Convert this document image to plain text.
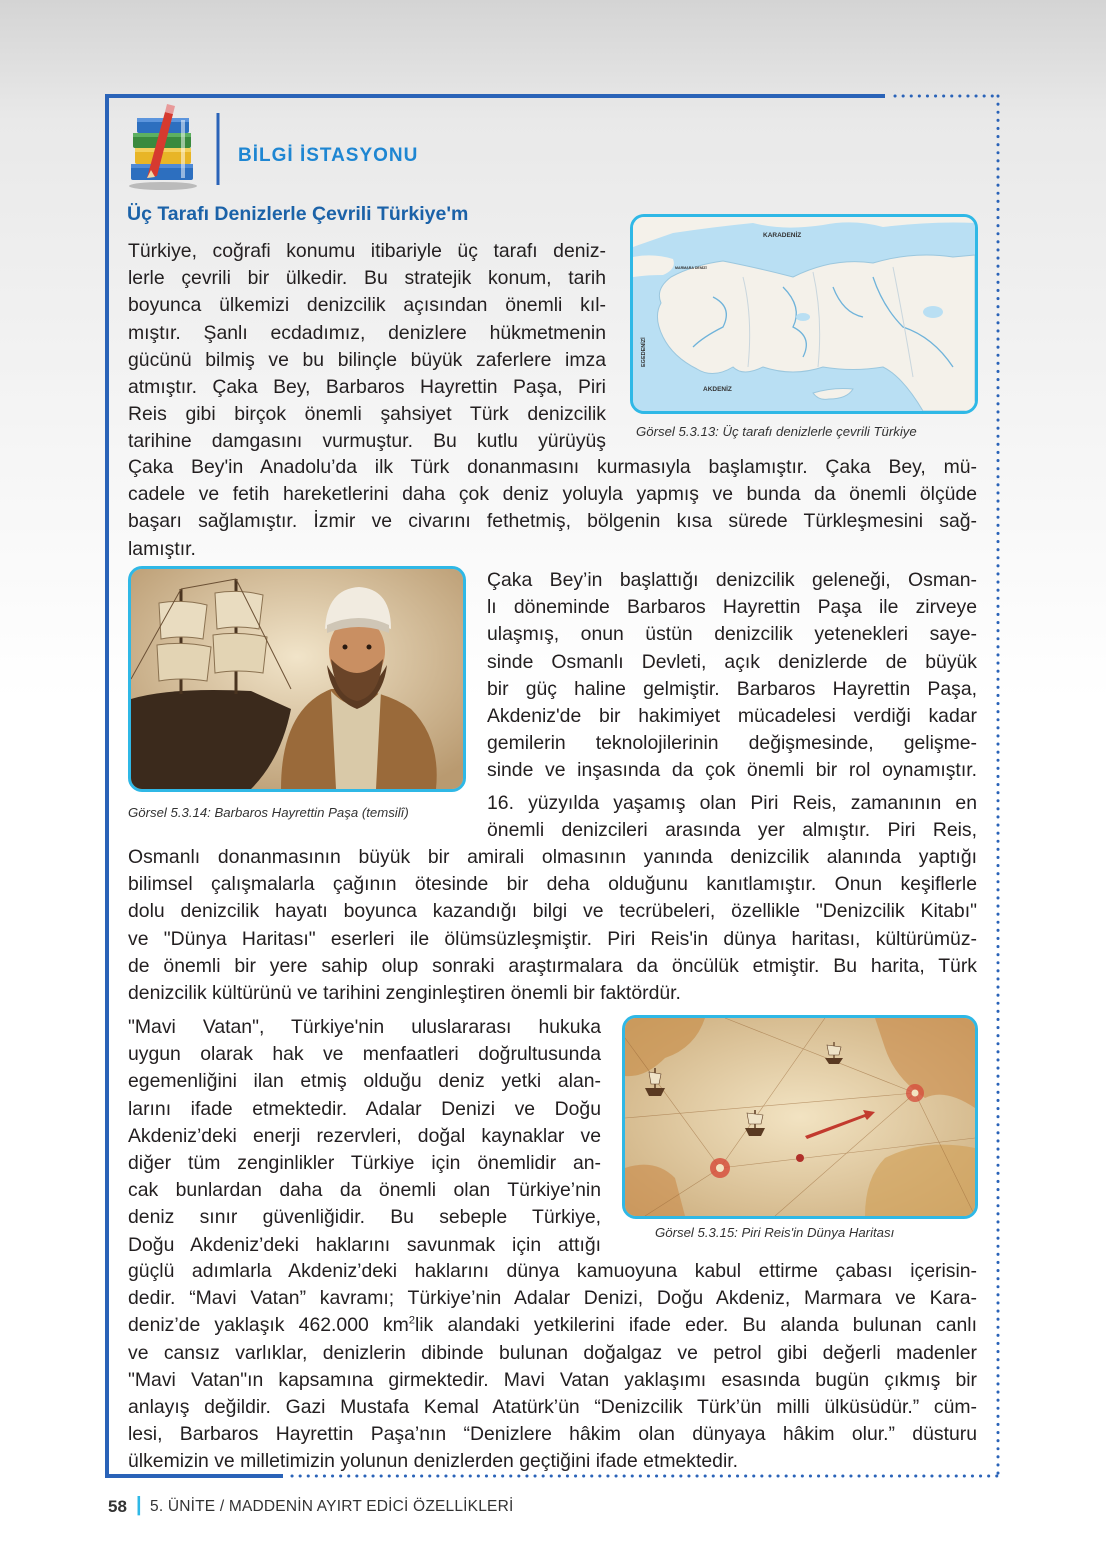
BİLGİ İSTASYONU

Üç Tarafı Denizlerle Çevrili Türkiye'm

Türkiye, coğrafi konumu itibariyle üç tarafı deniz-
lerle çevrili bir ülkedir. Bu stratejik konum, tarih
boyunca ülkemizi denizcilik açısından önemli kıl-
mıştır. Şanlı ecdadımız, denizlere hükmetmenin
gücünü bilmiş ve bu bilinçle büyük zaferlere imza
atmıştır. Çaka Bey, Barbaros Hayrettin Paşa, Piri
Reis gibi birçok önemli şahsiyet Türk denizcilik
tarihine damgasını vurmuştur. Bu kutlu yürüyüş
Çaka Bey'in Anadolu’da ilk Türk donanmasını kurmasıyla başlamıştır. Çaka Bey, mü-
cadele ve fetih hareketlerini daha çok deniz yoluyla yapmış ve bunda da önemli ölçüde
başarı sağlamıştır. İzmir ve civarını fethetmiş, bölgenin kısa sürede Türkleşmesini sağ-
lamıştır.
KARADENİZ
MARMARA DENİZİ
AKDENİZ
EGEDENİZİ

Görsel 5.3.13: Üç tarafı denizlerle çevrili Türkiye

Görsel 5.3.14: Barbaros Hayrettin Paşa (temsilî)

Çaka Bey’in başlattığı denizcilik geleneği, Osman-
lı döneminde Barbaros Hayrettin Paşa ile zirveye
ulaşmış, onun üstün denizcilik yetenekleri saye-
sinde Osmanlı Devleti, açık denizlerde de büyük
bir güç haline gelmiştir. Barbaros Hayrettin Paşa,
Akdeniz'de bir hakimiyet mücadelesi verdiği kadar
gemilerin teknolojilerinin değişmesinde, gelişme-
sinde ve inşasında da çok önemli bir rol oynamıştır.
16. yüzyılda yaşamış olan Piri Reis, zamanının en
önemli denizcileri arasında yer almıştır. Piri Reis,
Osmanlı donanmasının büyük bir amirali olmasının yanında denizcilik alanında yaptığı
bilimsel çalışmalarla çağının ötesinde bir deha olduğunu kanıtlamıştır. Onun keşiflerle
dolu denizcilik hayatı boyunca kazandığı bilgi ve tecrübeleri, özellikle "Denizcilik Kitabı"
ve "Dünya Haritası" eserleri ile ölümsüzleşmiştir. Piri Reis'in dünya haritası, kültürümüz-
de önemli bir yere sahip olup sonraki araştırmalara da öncülük etmiştir. Bu harita, Türk
denizcilik kültürünü ve tarihini zenginleştiren önemli bir faktördür.

Görsel 5.3.15: Piri Reis'in Dünya Haritası

"Mavi Vatan", Türkiye'nin uluslararası hukuka
uygun olarak hak ve menfaatleri doğrultusunda
egemenliğini ilan etmiş olduğu deniz yetki alan-
larını ifade etmektedir. Adalar Denizi ve Doğu
Akdeniz’deki enerji rezervleri, doğal kaynaklar ve
diğer tüm zenginlikler Türkiye için önemlidir an-
cak bunlardan daha da önemli olan Türkiye’nin
deniz sınır güvenliğidir. Bu sebeple Türkiye,
Doğu Akdeniz’deki haklarını savunmak için attığı
güçlü adımlarla Akdeniz’deki haklarını dünya kamuoyuna kabul ettirme çabası içerisin-
dedir. “Mavi Vatan” kavramı; Türkiye’nin Adalar Denizi, Doğu Akdeniz, Marmara ve Kara-
deniz’de yaklaşık 462.000 $km^2lik$ alandaki yetkilerini ifade eder. Bu alanda bulunan canlı
ve cansız varlıklar, denizlerin dibinde bulunan doğalgaz ve petrol gibi değerli madenler
"Mavi Vatan"ın kapsamına girmektedir. Mavi Vatan yaklaşımı esasında bugün çıkmış bir
anlayış değildir. Gazi Mustafa Kemal Atatürk’ün “Denizcilik Türk’ün milli ülküsüdür.” cüm-
lesi, Barbaros Hayrettin Paşa’nın “Denizlere hâkim olan dünyaya hâkim olur.” düsturu
ülkemizin ve milletimizin yolunun denizlerden geçtiğini ifade etmektedir.

58 | 5. ÜNİTE / MADDENİN AYIRT EDİCİ ÖZELLİKLERİ
